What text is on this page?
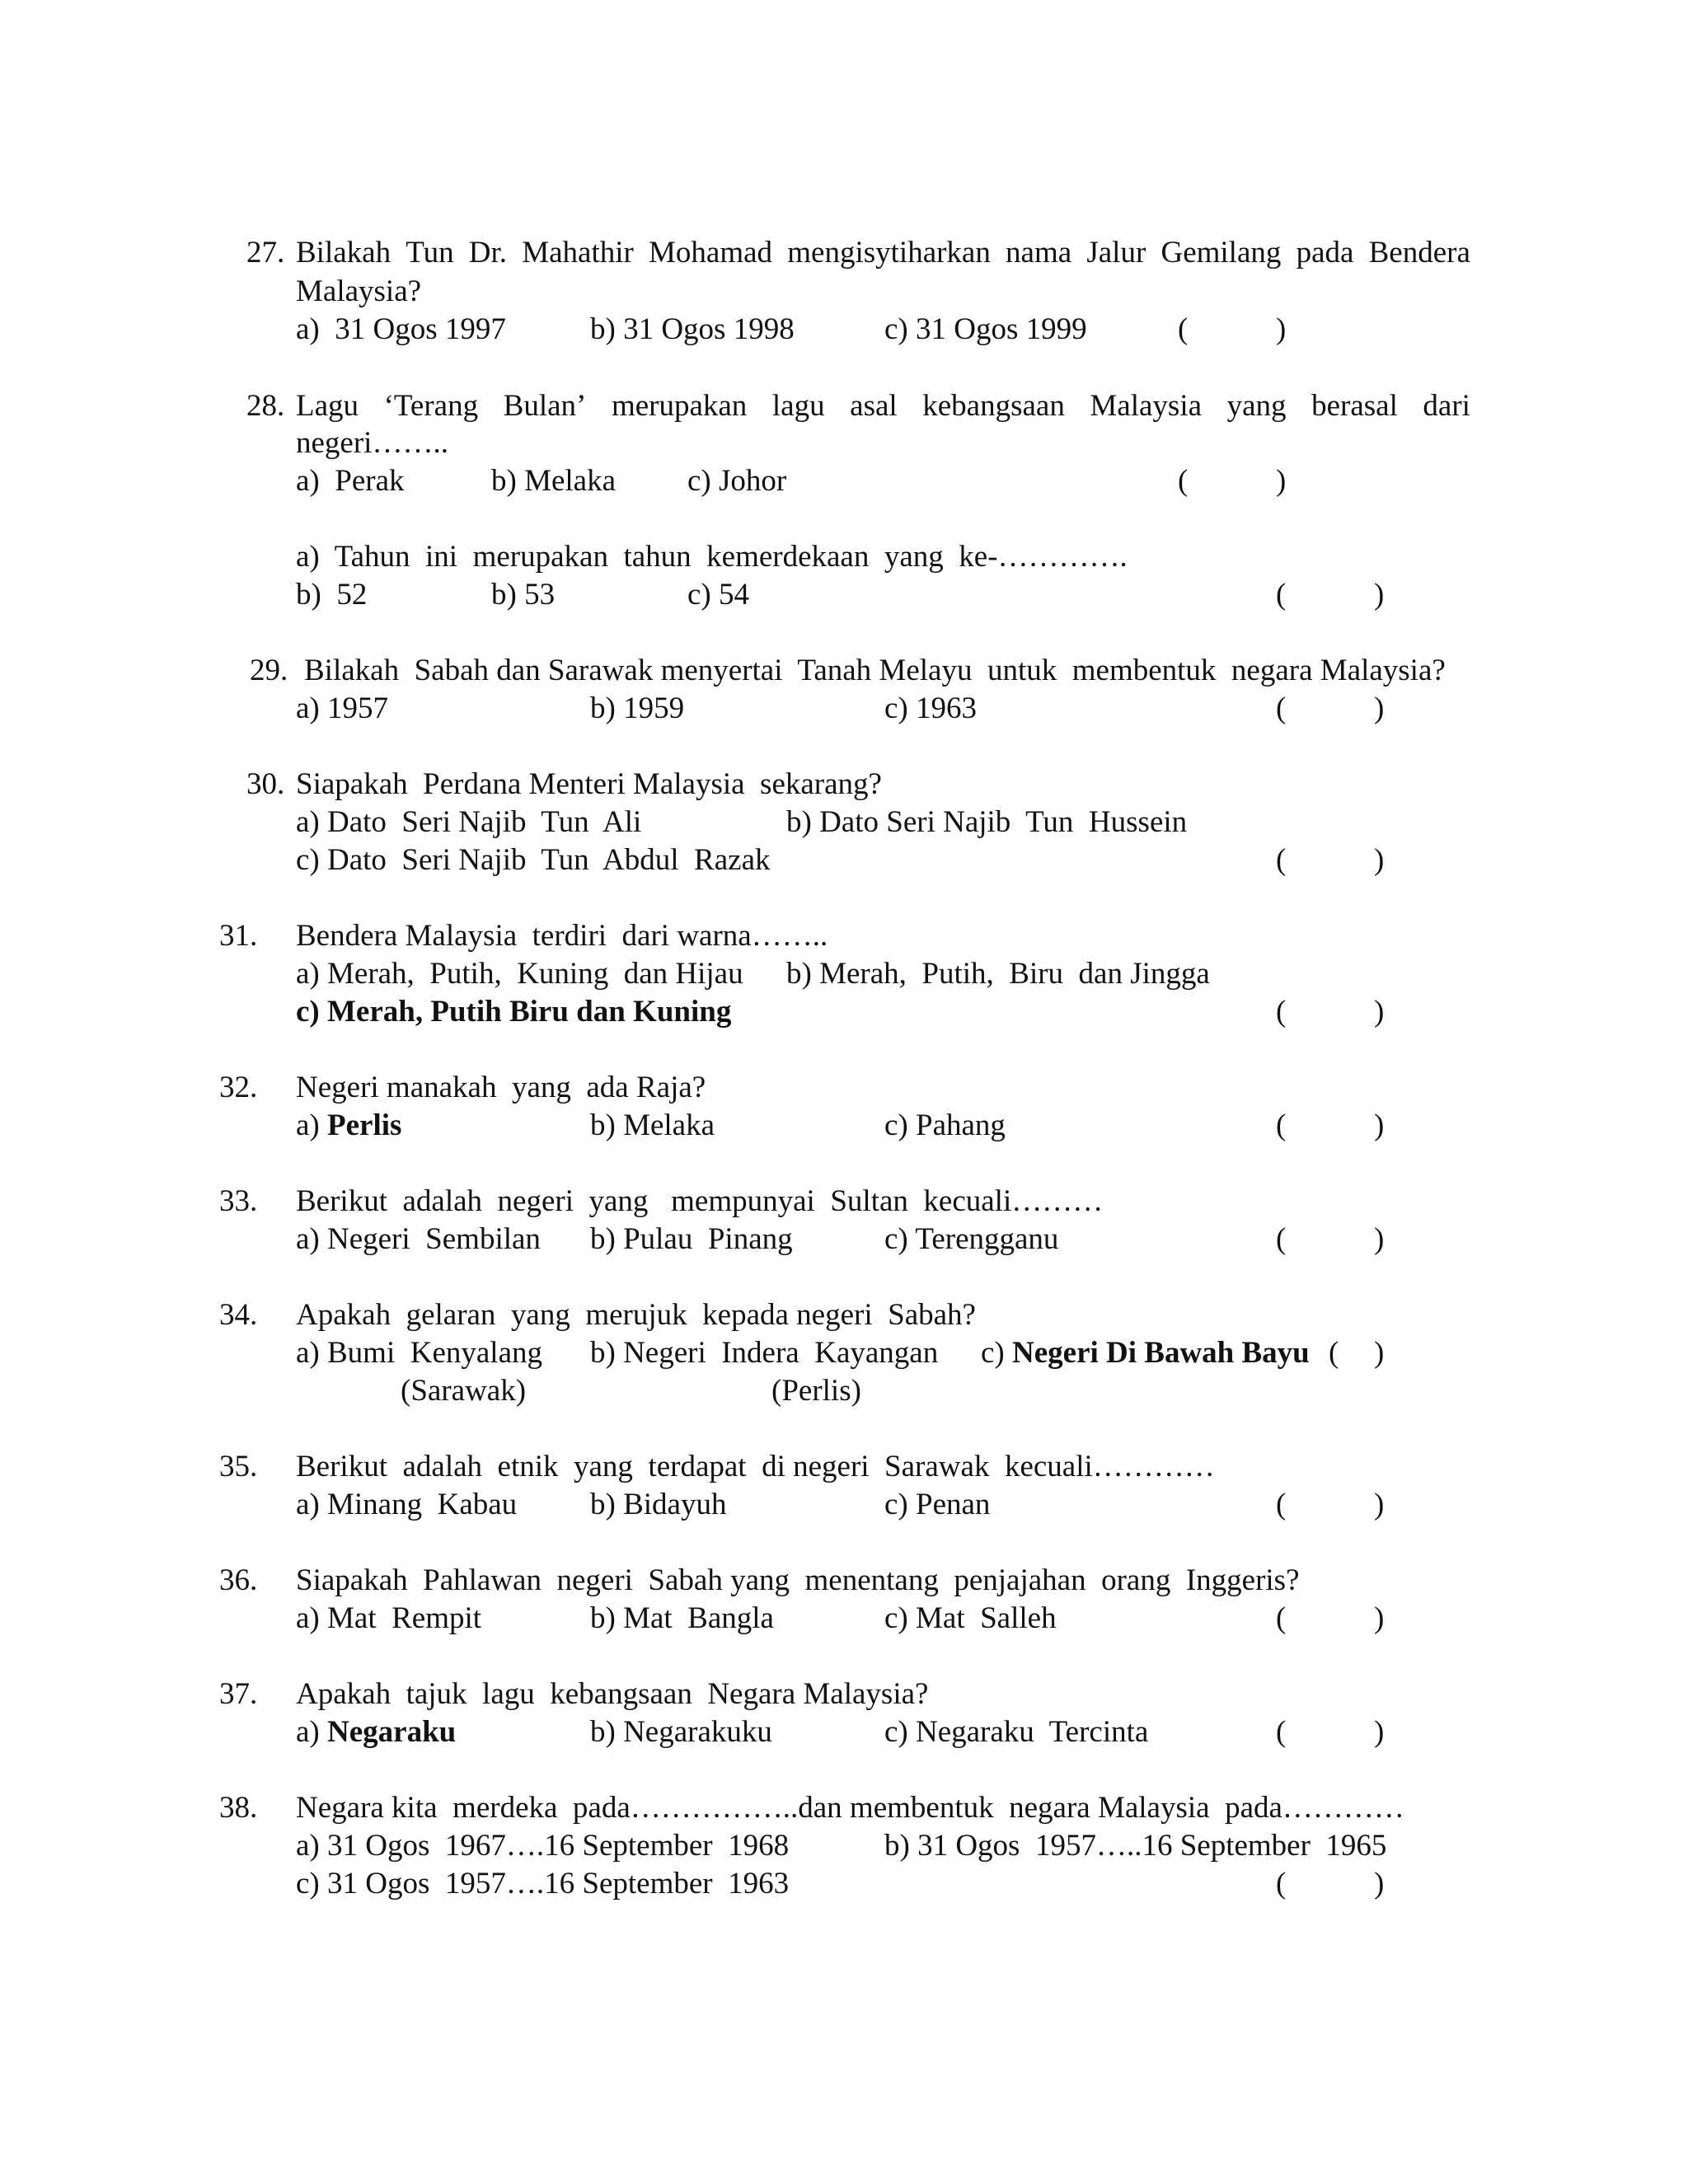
27. Bilakah Tun Dr. Mahathir Mohamad mengisytiharkan nama Jalur Gemilang pada Bendera
Malaysia?
a)  31 Ogos 1997	b) 31 Ogos 1998	c) 31 Ogos 1999	(	)
28. Lagu ‘Terang Bulan’ merupakan lagu asal kebangsaan Malaysia yang berasal dari
negeri……..
a)  Perak	b) Melaka c) Johor	(	)
a)  Tahun  ini  merupakan  tahun  kemerdekaan  yang  ke-………….
b)  52	b) 53	c) 54	(	)
29. Bilakah  Sabah dan Sarawak menyertai  Tanah Melayu  untuk  membentuk  negara Malaysia?
a) 1957	b) 1959	c) 1963	(	)
30. Siapakah  Perdana Menteri Malaysia  sekarang?
a) Dato  Seri Najib  Tun  Ali	b) Dato Seri Najib  Tun  Hussein
c) Dato  Seri Najib  Tun  Abdul  Razak	(	)
31. Bendera Malaysia  terdiri  dari warna……..
a) Merah,  Putih,  Kuning  dan Hijau b) Merah,  Putih,  Biru  dan Jingga
c) Merah, Putih Biru dan Kuning	(	)
32. Negeri manakah  yang  ada Raja?
a) Perlis	b) Melaka	c) Pahang	(	)
33. Berikut  adalah  negeri  yang   mempunyai  Sultan  kecuali………
a) Negeri  Sembilan b) Pulau  Pinang	c) Terengganu	(	)
34. Apakah  gelaran  yang  merujuk  kepada negeri  Sabah?
a) Bumi  Kenyalang b) Negeri  Indera  Kayangan c) Negeri Di Bawah Bayu ( )
(Sarawak)	(Perlis)
35. Berikut  adalah  etnik  yang  terdapat  di negeri  Sarawak  kecuali…………
a) Minang  Kabau b) Bidayuh	c) Penan	(	)
36. Siapakah  Pahlawan  negeri  Sabah yang  menentang  penjajahan  orang  Inggeris?
a) Mat  Rempit	b) Mat  Bangla	c) Mat  Salleh	(	)
37. Apakah  tajuk  lagu  kebangsaan  Negara Malaysia?
a) Negaraku	b) Negarakuku	c) Negaraku  Tercinta	(	)
38. Negara kita  merdeka  pada……………..dan membentuk  negara Malaysia  pada…………
a) 31 Ogos  1967….16 September  1968	b) 31 Ogos  1957…..16 September  1965
c) 31 Ogos  1957….16 September  1963	(	)
